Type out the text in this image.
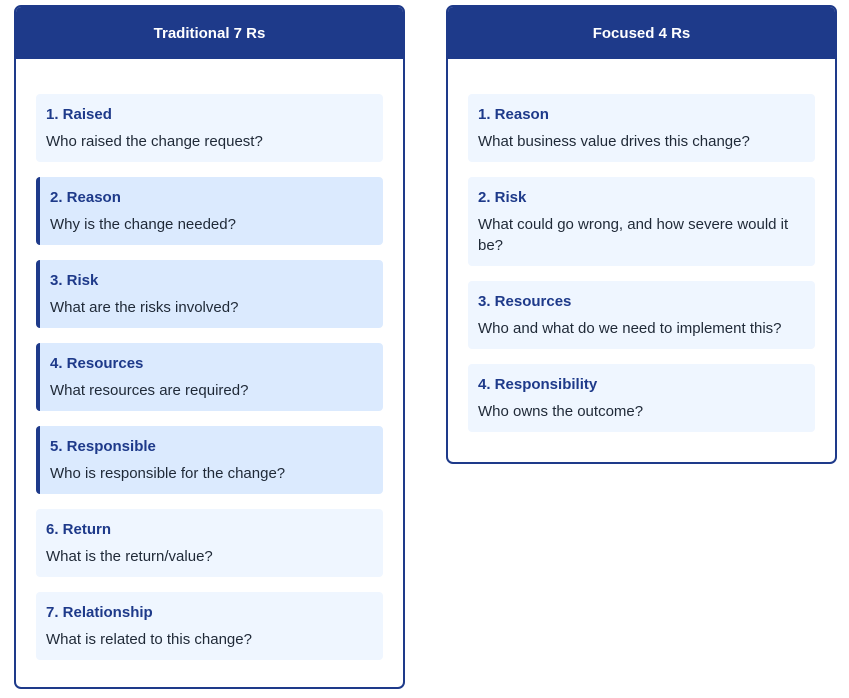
Traditional 7 Rs
1. Raised
Who raised the change request?
2. Reason
Why is the change needed?
3. Risk
What are the risks involved?
4. Resources
What resources are required?
5. Responsible
Who is responsible for the change?
6. Return
What is the return/value?
7. Relationship
What is related to this change?
Focused 4 Rs
1. Reason
What business value drives this change?
2. Risk
What could go wrong, and how severe would it be?
3. Resources
Who and what do we need to implement this?
4. Responsibility
Who owns the outcome?
